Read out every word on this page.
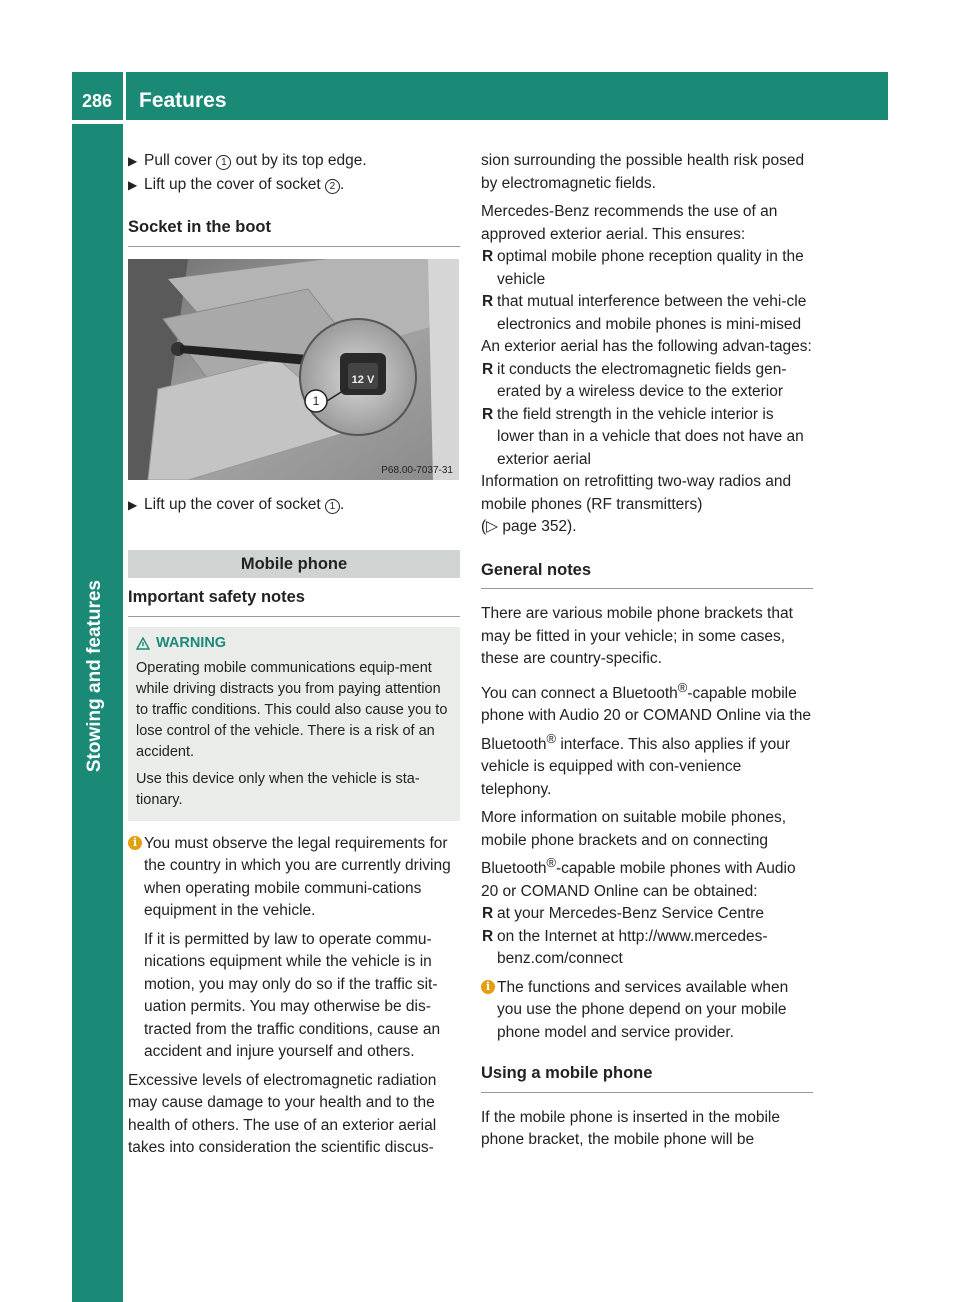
286	Features
Stowing and features
▶ Pull cover 1 out by its top edge.
▶ Lift up the cover of socket 2 .
Socket in the boot
12 V
1
P68.00-7037-31
▶ Lift up the cover of socket 1 .
Mobile phone
Important safety notes
WARNING

Operating mobile communications equip-ment while driving distracts you from paying attention to traffic conditions. This could also cause you to lose control of the vehicle. There is a risk of an accident.

Use this device only when the vehicle is sta-tionary.

i You must observe the legal requirements for the country in which you are currently driving when operating mobile communi-cations equipment in the vehicle.

If it is permitted by law to operate commu-nications equipment while the vehicle is in motion, you may only do so if the traffic sit-uation permits. You may otherwise be dis-tracted from the traffic conditions, cause an accident and injure yourself and others.

Excessive levels of electromagnetic radiation may cause damage to your health and to the health of others. The use of an exterior aerial takes into consideration the scientific discus-

sion surrounding the possible health risk posed by electromagnetic fields.

Mercedes-Benz recommends the use of an approved exterior aerial. This ensures:

R optimal mobile phone reception quality in the vehicle
R that mutual interference between the vehi-cle electronics and mobile phones is mini-mised

An exterior aerial has the following advan-tages:

R it conducts the electromagnetic fields gen-erated by a wireless device to the exterior
R the field strength in the vehicle interior is lower than in a vehicle that does not have an exterior aerial

Information on retrofitting two-way radios and mobile phones (RF transmitters)
(▷ page 352).

General notes

There are various mobile phone brackets that may be fitted in your vehicle; in some cases, these are country-specific.

You can connect a Bluetooth®-capable mobile phone with Audio 20 or COMAND Online via the Bluetooth® interface. This also applies if your vehicle is equipped with con-venience telephony.

More information on suitable mobile phones, mobile phone brackets and on connecting Bluetooth®-capable mobile phones with Audio 20 or COMAND Online can be obtained:

R at your Mercedes-Benz Service Centre
R on the Internet at http://www.mercedes-benz.com/connect
i The functions and services available when you use the phone depend on your mobile phone model and service provider.

Using a mobile phone

If the mobile phone is inserted in the mobile phone bracket, the mobile phone will be
